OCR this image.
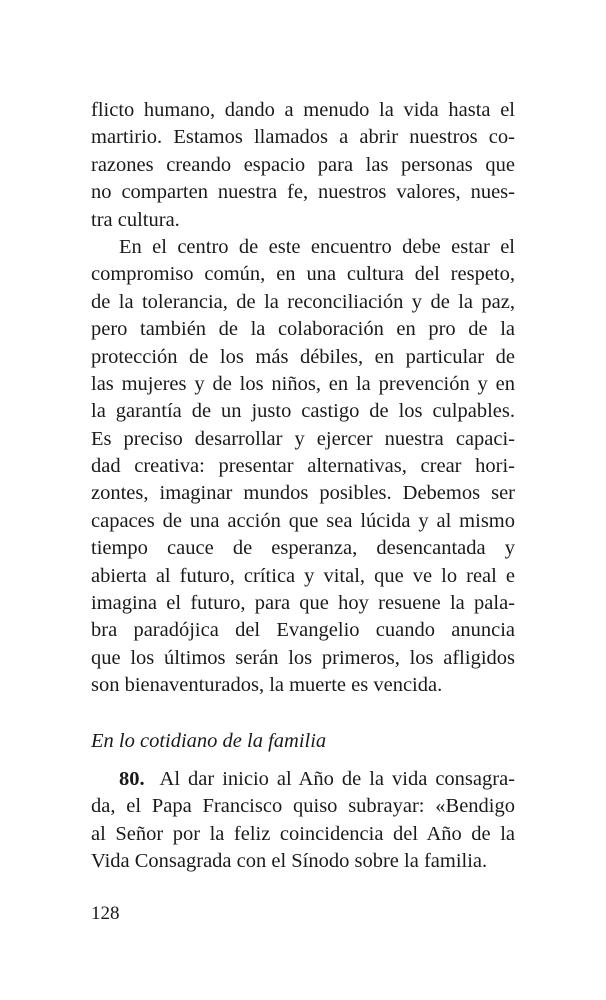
flicto humano, dando a menudo la vida hasta el
martirio. Estamos llamados a abrir nuestros co-
razones creando espacio para las personas que
no comparten nuestra fe, nuestros valores, nues-
tra cultura.
En el centro de este encuentro debe estar el
compromiso común, en una cultura del respeto,
de la tolerancia, de la reconciliación y de la paz,
pero también de la colaboración en pro de la
protección de los más débiles, en particular de
las mujeres y de los niños, en la prevención y en
la garantía de un justo castigo de los culpables.
Es preciso desarrollar y ejercer nuestra capaci-
dad creativa: presentar alternativas, crear hori-
zontes, imaginar mundos posibles. Debemos ser
capaces de una acción que sea lúcida y al mismo
tiempo cauce de esperanza, desencantada y
abierta al futuro, crítica y vital, que ve lo real e
imagina el futuro, para que hoy resuene la pala-
bra paradójica del Evangelio cuando anuncia
que los últimos serán los primeros, los afligidos
son bienaventurados, la muerte es vencida.
En lo cotidiano de la familia
80. Al dar inicio al Año de la vida consagra-
da, el Papa Francisco quiso subrayar: «Bendigo
al Señor por la feliz coincidencia del Año de la
Vida Consagrada con el Sínodo sobre la familia.
128
